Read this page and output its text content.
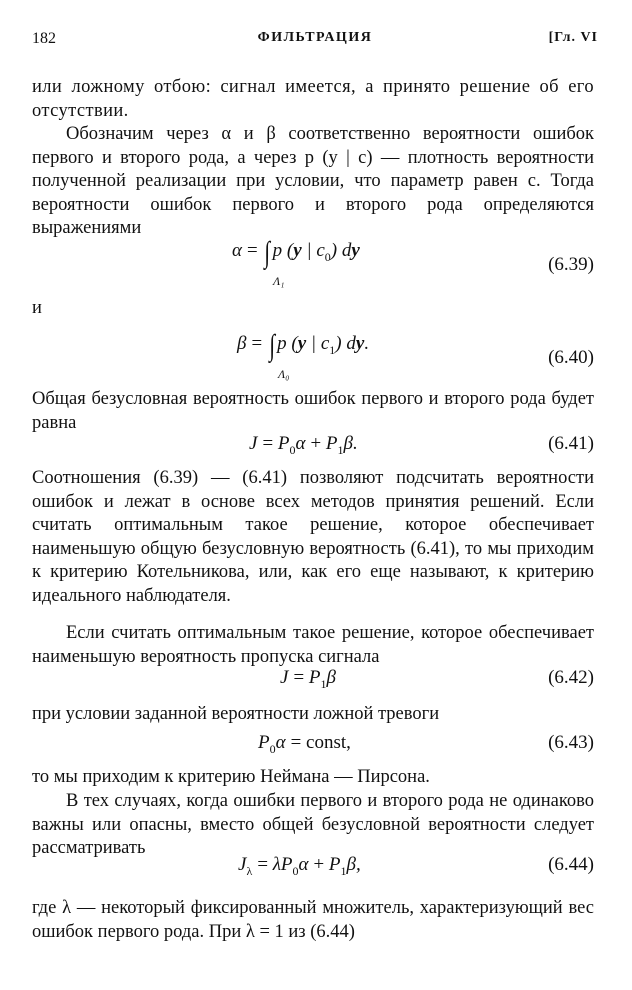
182	ФИЛЬТРАЦИЯ	[Гл. VI
или ложному отбою: сигнал имеется, а принято решение об его отсутствии.
Обозначим через α и β соответственно вероятности ошибок первого и второго рода, а через p (y | c) — плотность вероятности полученной реализации при условии, что параметр равен c. Тогда вероятности ошибок первого и второго рода определяются выражениями
α = ∫ p (y | $c_0$) dy
Λ₁
(6.39)
и
β = ∫ p (y | $c_1$) dy.
Λ₀
(6.40)
Общая безусловная вероятность ошибок первого и второго рода будет равна
$J = P_0\alpha + P_1\beta$.	(6.41)
Соотношения (6.39) — (6.41) позволяют подсчитать вероятности ошибок и лежат в основе всех методов принятия решений. Если считать оптимальным такое решение, которое обеспечивает наименьшую общую безусловную вероятность (6.41), то мы приходим к критерию Котельникова, или, как его еще называют, к критерию идеального наблюдателя.
Если считать оптимальным такое решение, которое обеспечивает наименьшую вероятность пропуска сигнала
$J = P_1\beta$	(6.42)
при условии заданной вероятности ложной тревоги
$P_0\alpha$ = const,	(6.43)
то мы приходим к критерию Неймана — Пирсона.
В тех случаях, когда ошибки первого и второго рода не одинаково важны или опасны, вместо общей безусловной вероятности следует рассматривать
$J_\lambda = \lambda P_0\alpha + P_1\beta$,	(6.44)
где λ — некоторый фиксированный множитель, характеризующий вес ошибок первого рода. При λ = 1 из (6.44)
